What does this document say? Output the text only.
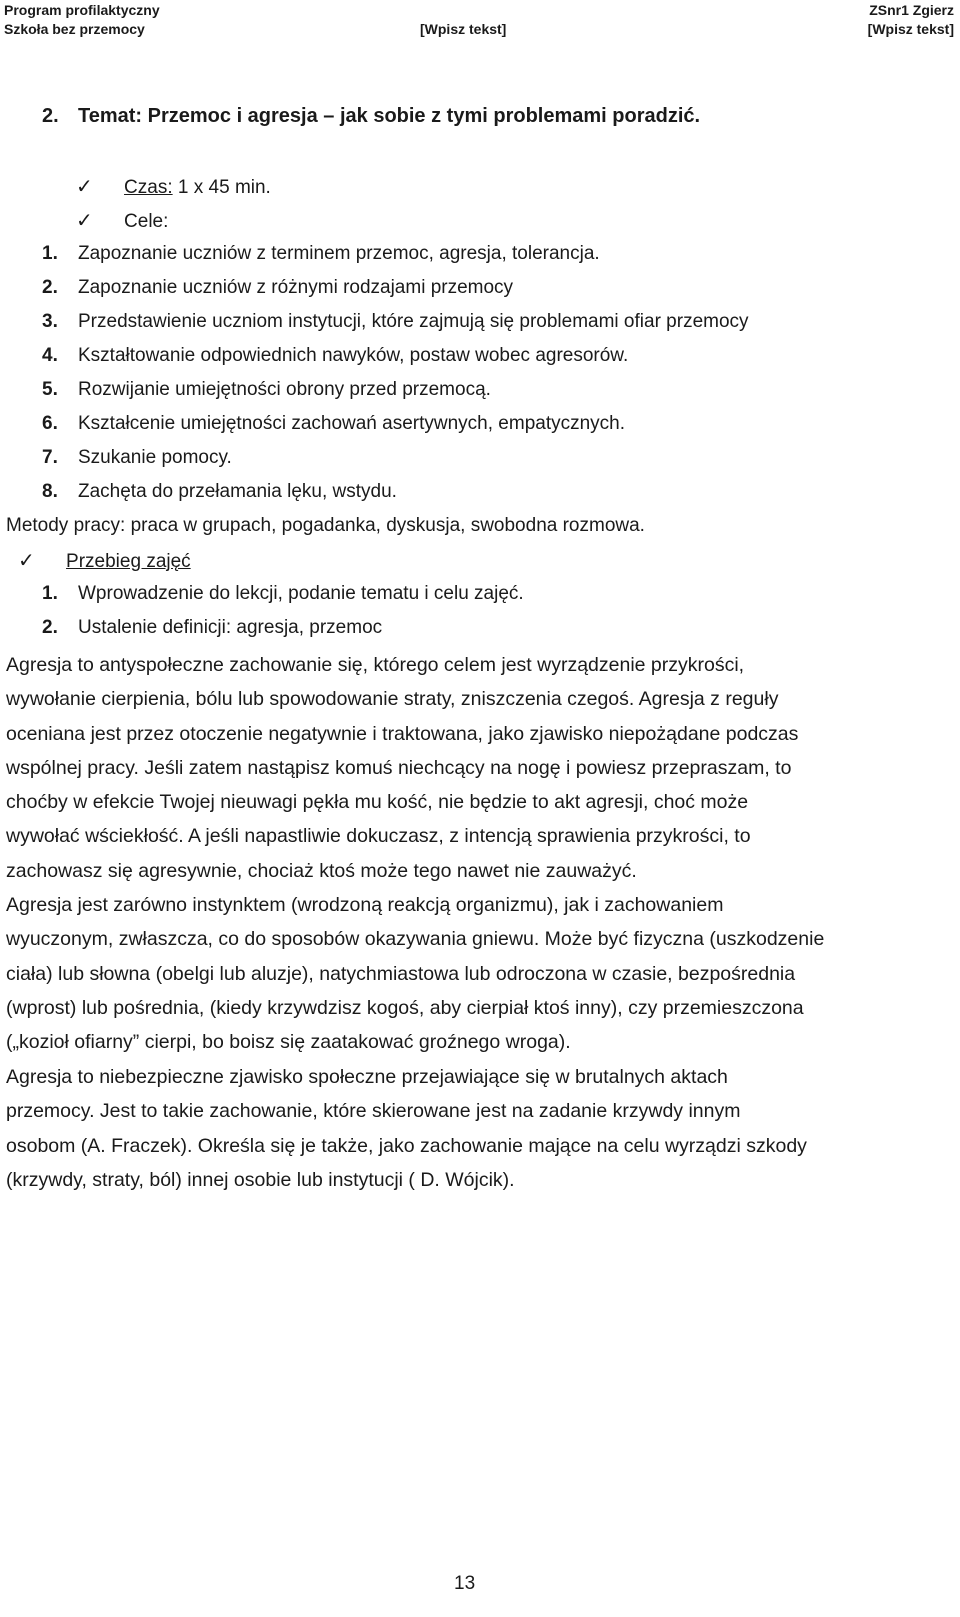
Program profilaktyczny
Szkoła bez przemocy	[Wpisz tekst]
ZSnr1 Zgierz
[Wpisz tekst]
2. Temat: Przemoc i agresja – jak sobie z tymi problemami poradzić.
✓ Czas: 1 x 45 min.
✓ Cele:
1. Zapoznanie uczniów z terminem przemoc, agresja, tolerancja.
2. Zapoznanie uczniów z różnymi rodzajami przemocy
3. Przedstawienie uczniom instytucji, które zajmują się problemami ofiar przemocy
4. Kształtowanie odpowiednich nawyków, postaw wobec agresorów.
5. Rozwijanie umiejętności obrony przed przemocą.
6. Kształcenie umiejętności zachowań asertywnych, empatycznych.
7. Szukanie pomocy.
8. Zachęta do przełamania lęku, wstydu.
Metody pracy: praca w grupach, pogadanka, dyskusja, swobodna rozmowa.
✓ Przebieg zajęć
1. Wprowadzenie do lekcji, podanie tematu i celu zajęć.
2. Ustalenie definicji: agresja, przemoc
Agresja to antyspołeczne zachowanie się, którego celem jest wyrządzenie przykrości,
wywołanie cierpienia, bólu lub spowodowanie straty, zniszczenia czegoś. Agresja z reguły
oceniana jest przez otoczenie negatywnie i traktowana, jako zjawisko niepożądane podczas
wspólnej pracy. Jeśli zatem nastąpisz komuś niechcący na nogę i powiesz przepraszam, to
choćby w efekcie Twojej nieuwagi pękła mu kość, nie będzie to akt agresji, choć może
wywołać wściekłość. A jeśli napastliwie dokuczasz, z intencją sprawienia przykrości, to
zachowasz się agresywnie, chociaż ktoś może tego nawet nie zauważyć.
Agresja jest zarówno instynktem (wrodzoną reakcją organizmu), jak i zachowaniem
wyuczonym, zwłaszcza, co do sposobów okazywania gniewu. Może być fizyczna (uszkodzenie
ciała) lub słowna (obelgi lub aluzje), natychmiastowa lub odroczona w czasie, bezpośrednia
(wprost) lub pośrednia, (kiedy krzywdzisz kogoś, aby cierpiał ktoś inny), czy przemieszczona
(„kozioł ofiarny” cierpi, bo boisz się zaatakować groźnego wroga).
Agresja to niebezpieczne zjawisko społeczne przejawiające się w brutalnych aktach
przemocy. Jest to takie zachowanie, które skierowane jest na zadanie krzywdy innym
osobom (A. Fraczek). Określa się je także, jako zachowanie mające na celu wyrządzi szkody
(krzywdy, straty, ból) innej osobie lub instytucji ( D. Wójcik).
13
